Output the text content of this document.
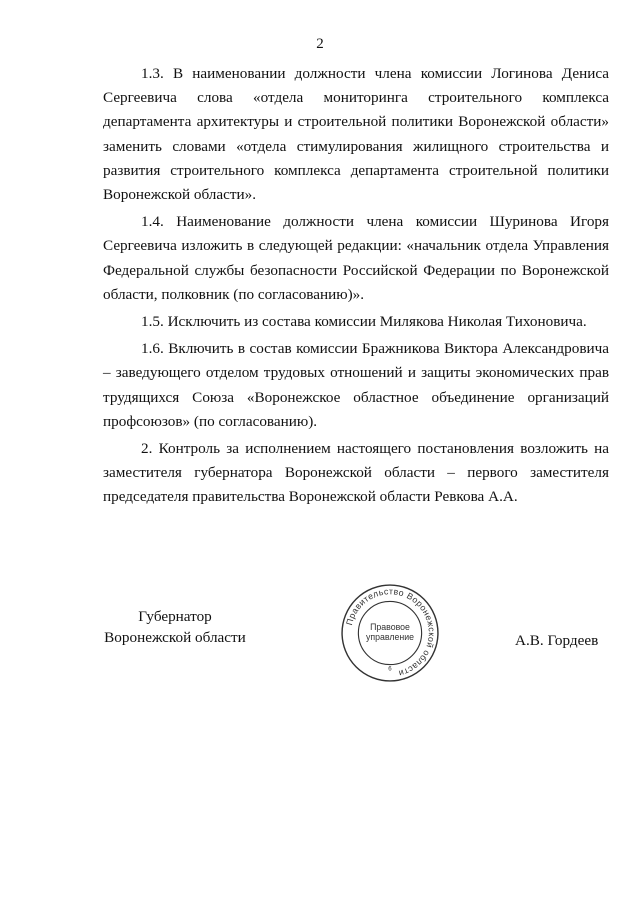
2

1.3. В наименовании должности члена комиссии Логинова Дениса Сергеевича слова «отдела мониторинга строительного комплекса департамента архитектуры и строительной политики Воронежской области» заменить словами «отдела стимулирования жилищного строительства и развития строительного комплекса департамента строительной политики Воронежской области».

1.4. Наименование должности члена комиссии Шуринова Игоря Сергеевича изложить в следующей редакции: «начальник отдела Управления Федеральной службы безопасности Российской Федерации по Воронежской области, полковник (по согласованию)».

1.5. Исключить из состава комиссии Милякова Николая Тихоновича.

1.6. Включить в состав комиссии Бражникова Виктора Александровича – заведующего отделом трудовых отношений и защиты экономических прав трудящихся Союза «Воронежское областное объединение организаций профсоюзов» (по согласованию).

2. Контроль за исполнением настоящего постановления возложить на заместителя губернатора Воронежской области – первого заместителя председателя правительства Воронежской области Ревкова А.А.

Губернатор
Воронежской области	А.В. Гордеев
Правительство Воронежской области
Правовое
управление
6
